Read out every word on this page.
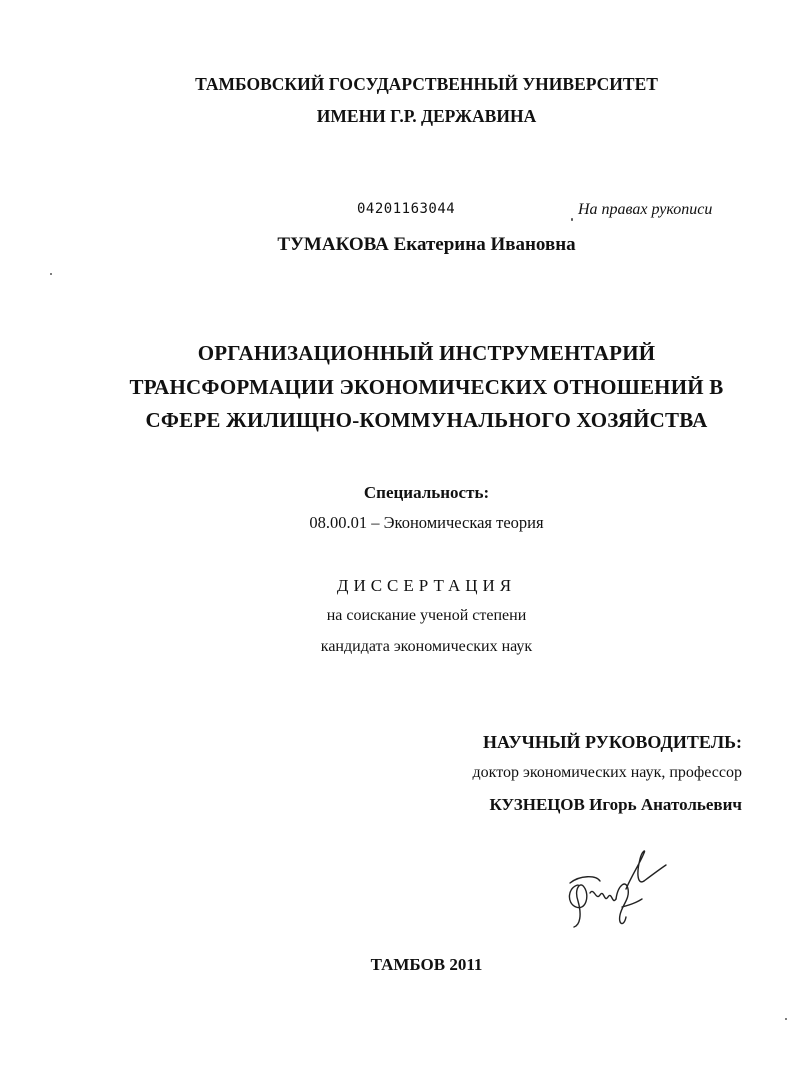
ТАМБОВСКИЙ ГОСУДАРСТВЕННЫЙ УНИВЕРСИТЕТ
ИМЕНИ Г.Р. ДЕРЖАВИНА
04201163044	На правах рукописи
ТУМАКОВА Екатерина Ивановна
ОРГАНИЗАЦИОННЫЙ ИНСТРУМЕНТАРИЙ
ТРАНСФОРМАЦИИ ЭКОНОМИЧЕСКИХ ОТНОШЕНИЙ В
СФЕРЕ ЖИЛИЩНО-КОММУНАЛЬНОГО ХОЗЯЙСТВА
Специальность:
08.00.01 – Экономическая теория
ДИССЕРТАЦИЯ
на соискание ученой степени
кандидата экономических наук
НАУЧНЫЙ РУКОВОДИТЕЛЬ:
доктор экономических наук, профессор
КУЗНЕЦОВ Игорь Анатольевич
ТАМБОВ 2011
